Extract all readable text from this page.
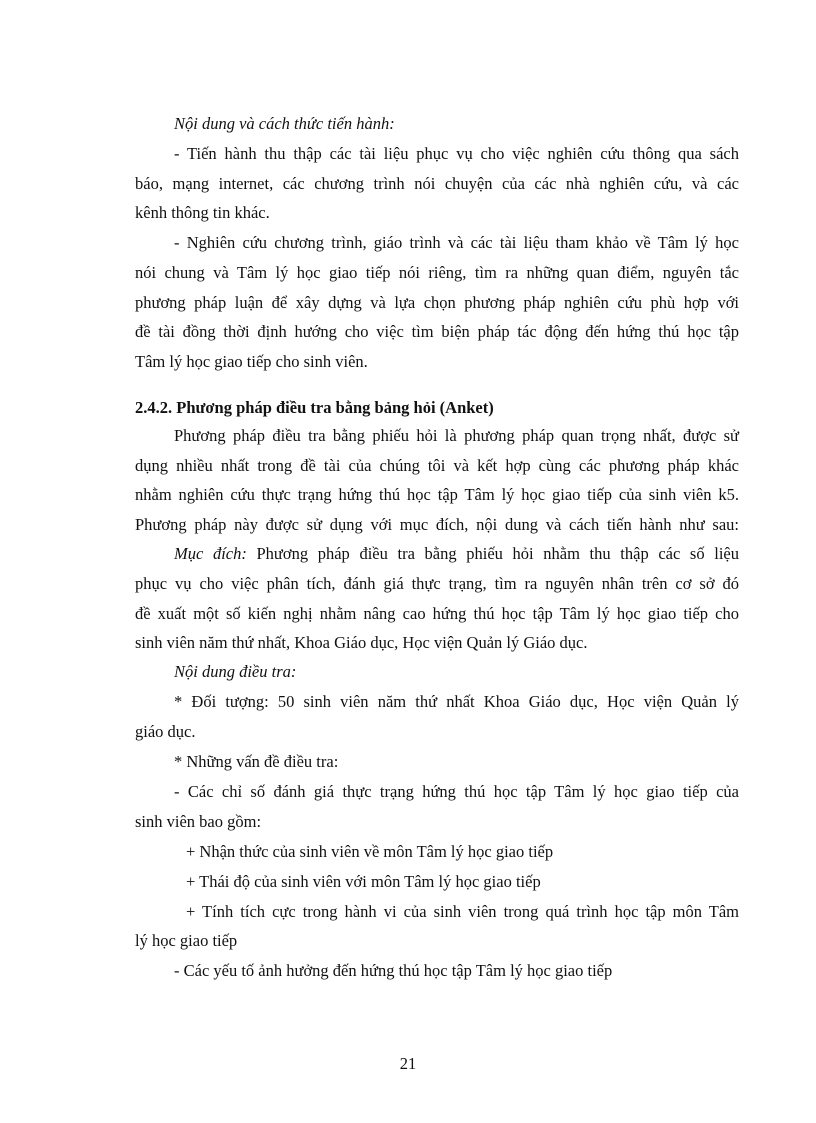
Nội dung và cách thức tiến hành:
- Tiến hành thu thập các tài liệu phục vụ cho việc nghiên cứu thông qua sách
báo, mạng internet, các chương trình nói chuyện của các nhà nghiên cứu, và các
kênh thông tin khác.
- Nghiên cứu chương trình, giáo trình và các tài liệu tham khảo về Tâm lý học
nói chung và Tâm lý học giao tiếp nói riêng, tìm ra những quan điểm, nguyên tắc
phương pháp luận để xây dựng và lựa chọn phương pháp nghiên cứu phù hợp với
đề tài đồng thời định hướng cho việc tìm biện pháp tác động đến hứng thú học tập
Tâm lý học giao tiếp cho sinh viên.
2.4.2. Phương pháp điều tra bằng bảng hỏi (Anket)
Phương pháp điều tra bằng phiếu hỏi là phương pháp quan trọng nhất, được sử
dụng nhiều nhất trong đề tài của chúng tôi và kết hợp cùng các phương pháp khác
nhằm nghiên cứu thực trạng hứng thú học tập Tâm lý học giao tiếp của sinh viên k5.
Phương pháp này được sử dụng với mục đích, nội dung và cách tiến hành như sau:
Mục đích: Phương pháp điều tra bằng phiếu hỏi nhằm thu thập các số liệu
phục vụ cho việc phân tích, đánh giá thực trạng, tìm ra nguyên nhân trên cơ sở đó
đề xuất một số kiến nghị nhằm nâng cao hứng thú học tập Tâm lý học giao tiếp cho
sinh viên năm thứ nhất, Khoa Giáo dục, Học viện Quản lý Giáo dục.
Nội dung điều tra:
* Đối tượng: 50 sinh viên năm thứ nhất Khoa Giáo dục, Học viện Quản lý
giáo dục.
* Những vấn đề điều tra:
- Các chỉ số đánh giá thực trạng hứng thú học tập Tâm lý học giao tiếp của
sinh viên bao gồm:
+ Nhận thức của sinh viên về môn Tâm lý học giao tiếp
+ Thái độ của sinh viên với môn Tâm lý học giao tiếp
+ Tính tích cực trong hành vi của sinh viên trong quá trình học tập môn Tâm
lý học giao tiếp
- Các yếu tố ảnh hưởng đến hứng thú học tập Tâm lý học giao tiếp
21
